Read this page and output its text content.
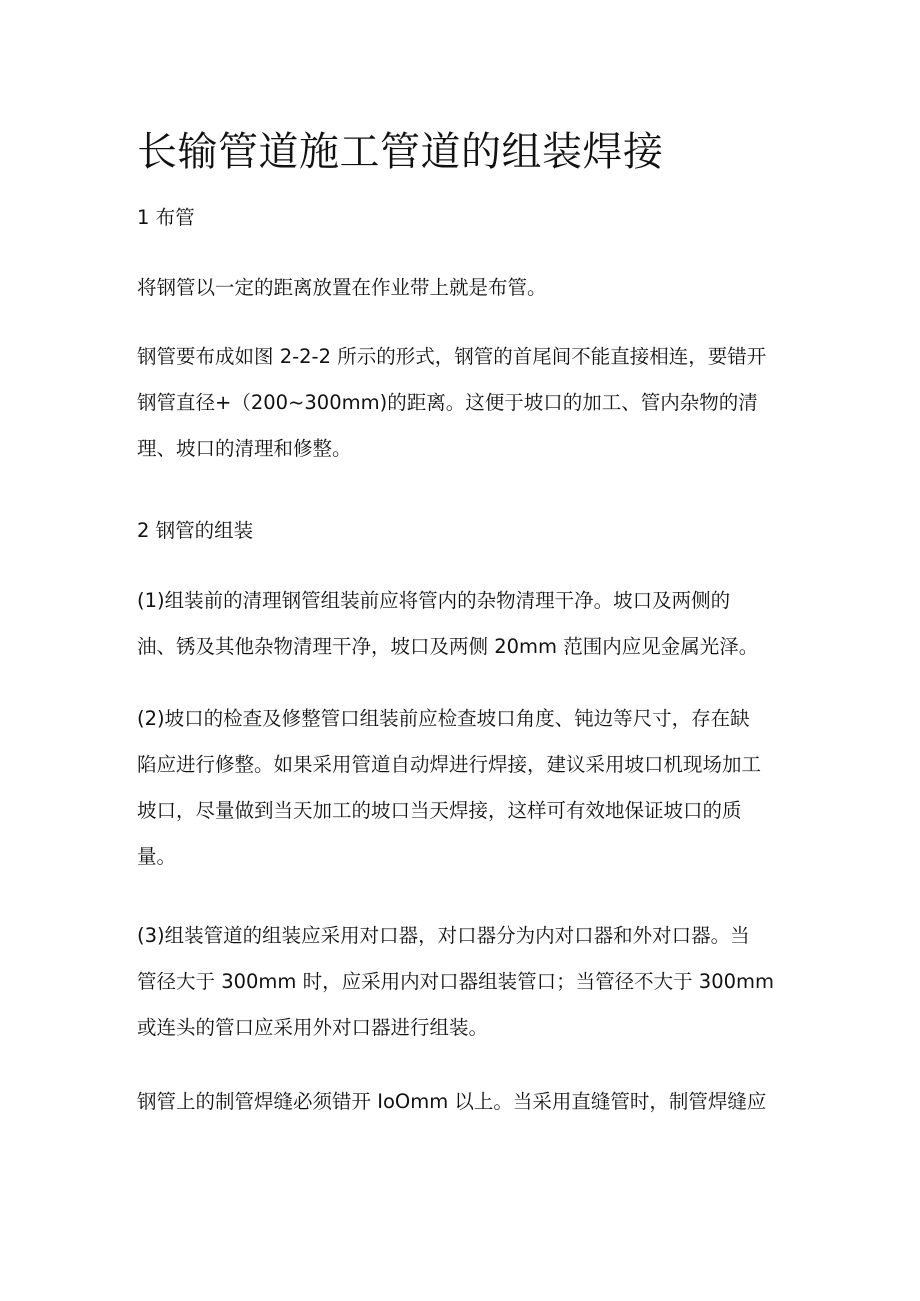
长输管道施工管道的组装焊接

1 布管

将钢管以一定的距离放置在作业带上就是布管。

钢管要布成如图 2-2-2 所示的形式，钢管的首尾间不能直接相连，要错开
钢管直径+（200~300mm)的距离。这便于坡口的加工、管内杂物的清
理、坡口的清理和修整。

2 钢管的组装

(1)组装前的清理钢管组装前应将管内的杂物清理干净。坡口及两侧的
油、锈及其他杂物清理干净，坡口及两侧 20mm 范围内应见金属光泽。

(2)坡口的检查及修整管口组装前应检查坡口角度、钝边等尺寸，存在缺
陷应进行修整。如果采用管道自动焊进行焊接，建议采用坡口机现场加工
坡口，尽量做到当天加工的坡口当天焊接，这样可有效地保证坡口的质
量。

(3)组装管道的组装应采用对口器，对口器分为内对口器和外对口器。当
管径大于 300mm 时，应采用内对口器组装管口；当管径不大于 300mm
或连头的管口应采用外对口器进行组装。

钢管上的制管焊缝必须错开 IoOmm 以上。当采用直缝管时，制管焊缝应
